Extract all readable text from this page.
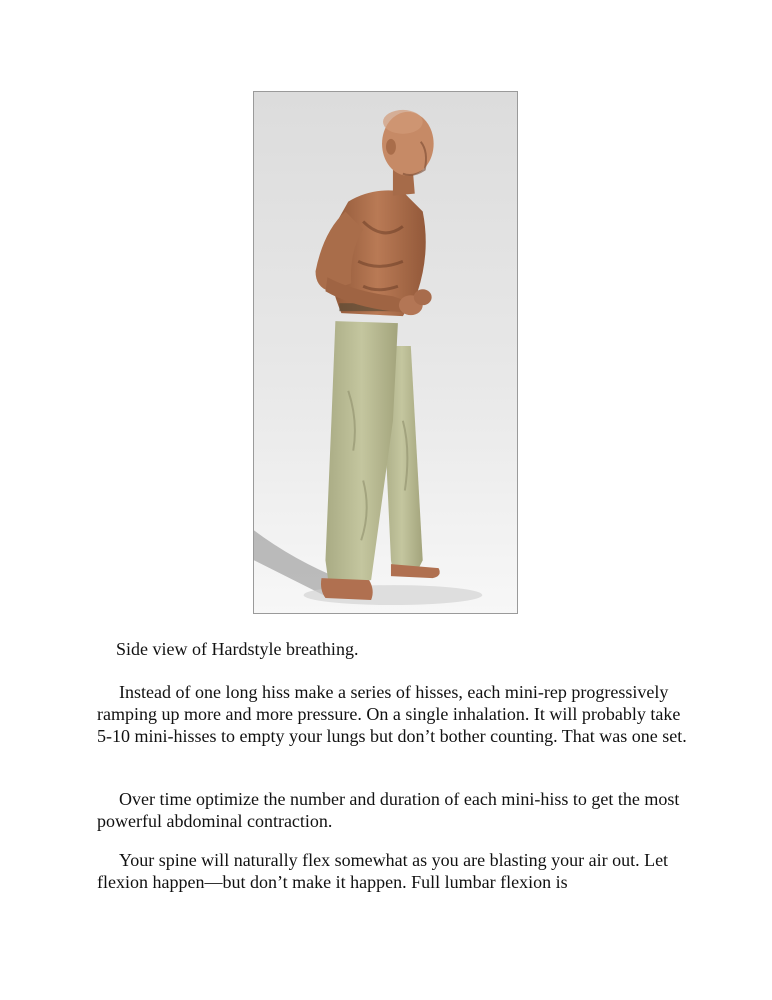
Side view of Hardstyle breathing.

Instead of one long hiss make a series of hisses, each mini-rep progressively ramping up more and more pressure. On a single inhalation. It will probably take 5-10 mini-hisses to empty your lungs but don’t bother counting. That was one set.

Over time optimize the number and duration of each mini-hiss to get the most powerful abdominal contraction.

Your spine will naturally flex somewhat as you are blasting your air out. Let flexion happen—but don’t make it happen. Full lumbar flexion is
